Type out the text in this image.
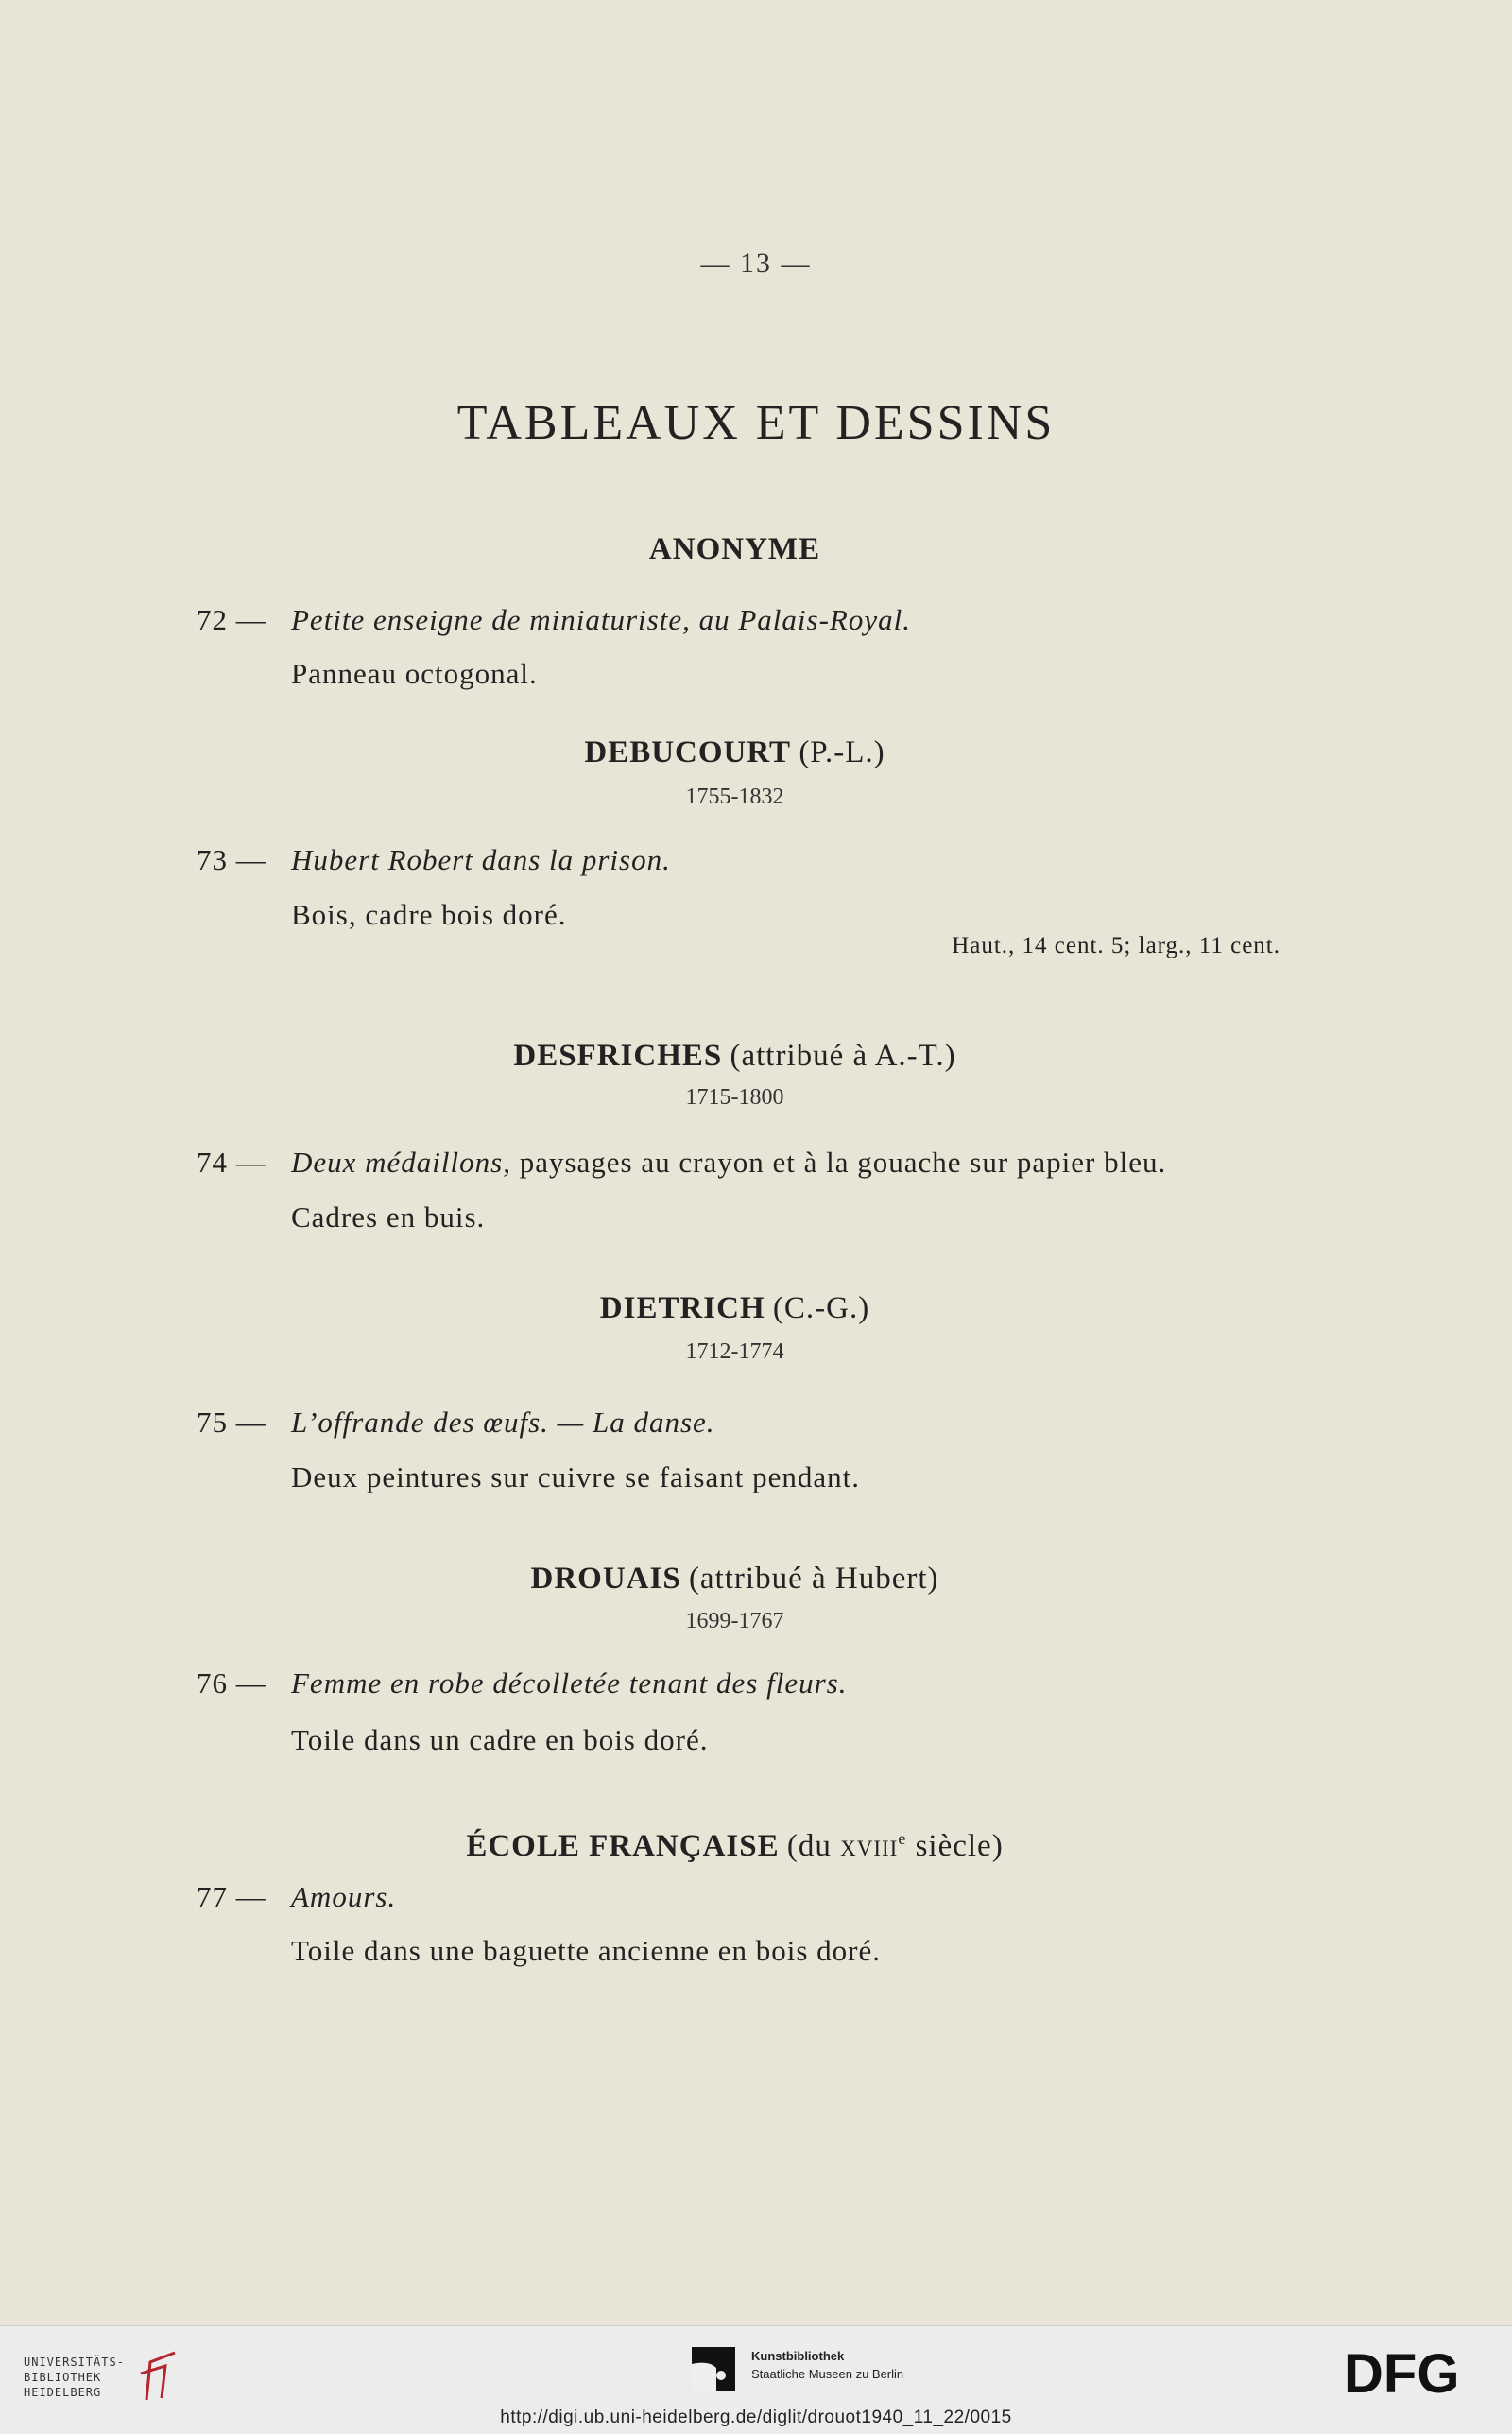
— 13 —
TABLEAUX ET DESSINS
ANONYME
72 — Petite enseigne de miniaturiste, au Palais-Royal.
Panneau octogonal.
DEBUCOURT (P.-L.)
1755-1832
73 — Hubert Robert dans la prison.
Bois, cadre bois doré.
Haut., 14 cent. 5; larg., 11 cent.
DESFRICHES (attribué à A.-T.)
1715-1800
74 — Deux médaillons, paysages au crayon et à la gouache sur papier bleu.
Cadres en buis.
DIETRICH (C.-G.)
1712-1774
75 — L’offrande des œufs. — La danse.
Deux peintures sur cuivre se faisant pendant.
DROUAIS (attribué à Hubert)
1699-1767
76 — Femme en robe décolletée tenant des fleurs.
Toile dans un cadre en bois doré.
ÉCOLE FRANÇAISE (du xviii$^e$ siècle)
77 — Amours.
Toile dans une baguette ancienne en bois doré.
UNIVERSITÄTS-
BIBLIOTHEK
HEIDELBERG
Kunstbibliothek
Staatliche Museen zu Berlin	DFG
http://digi.ub.uni-heidelberg.de/diglit/drouot1940_11_22/0015
